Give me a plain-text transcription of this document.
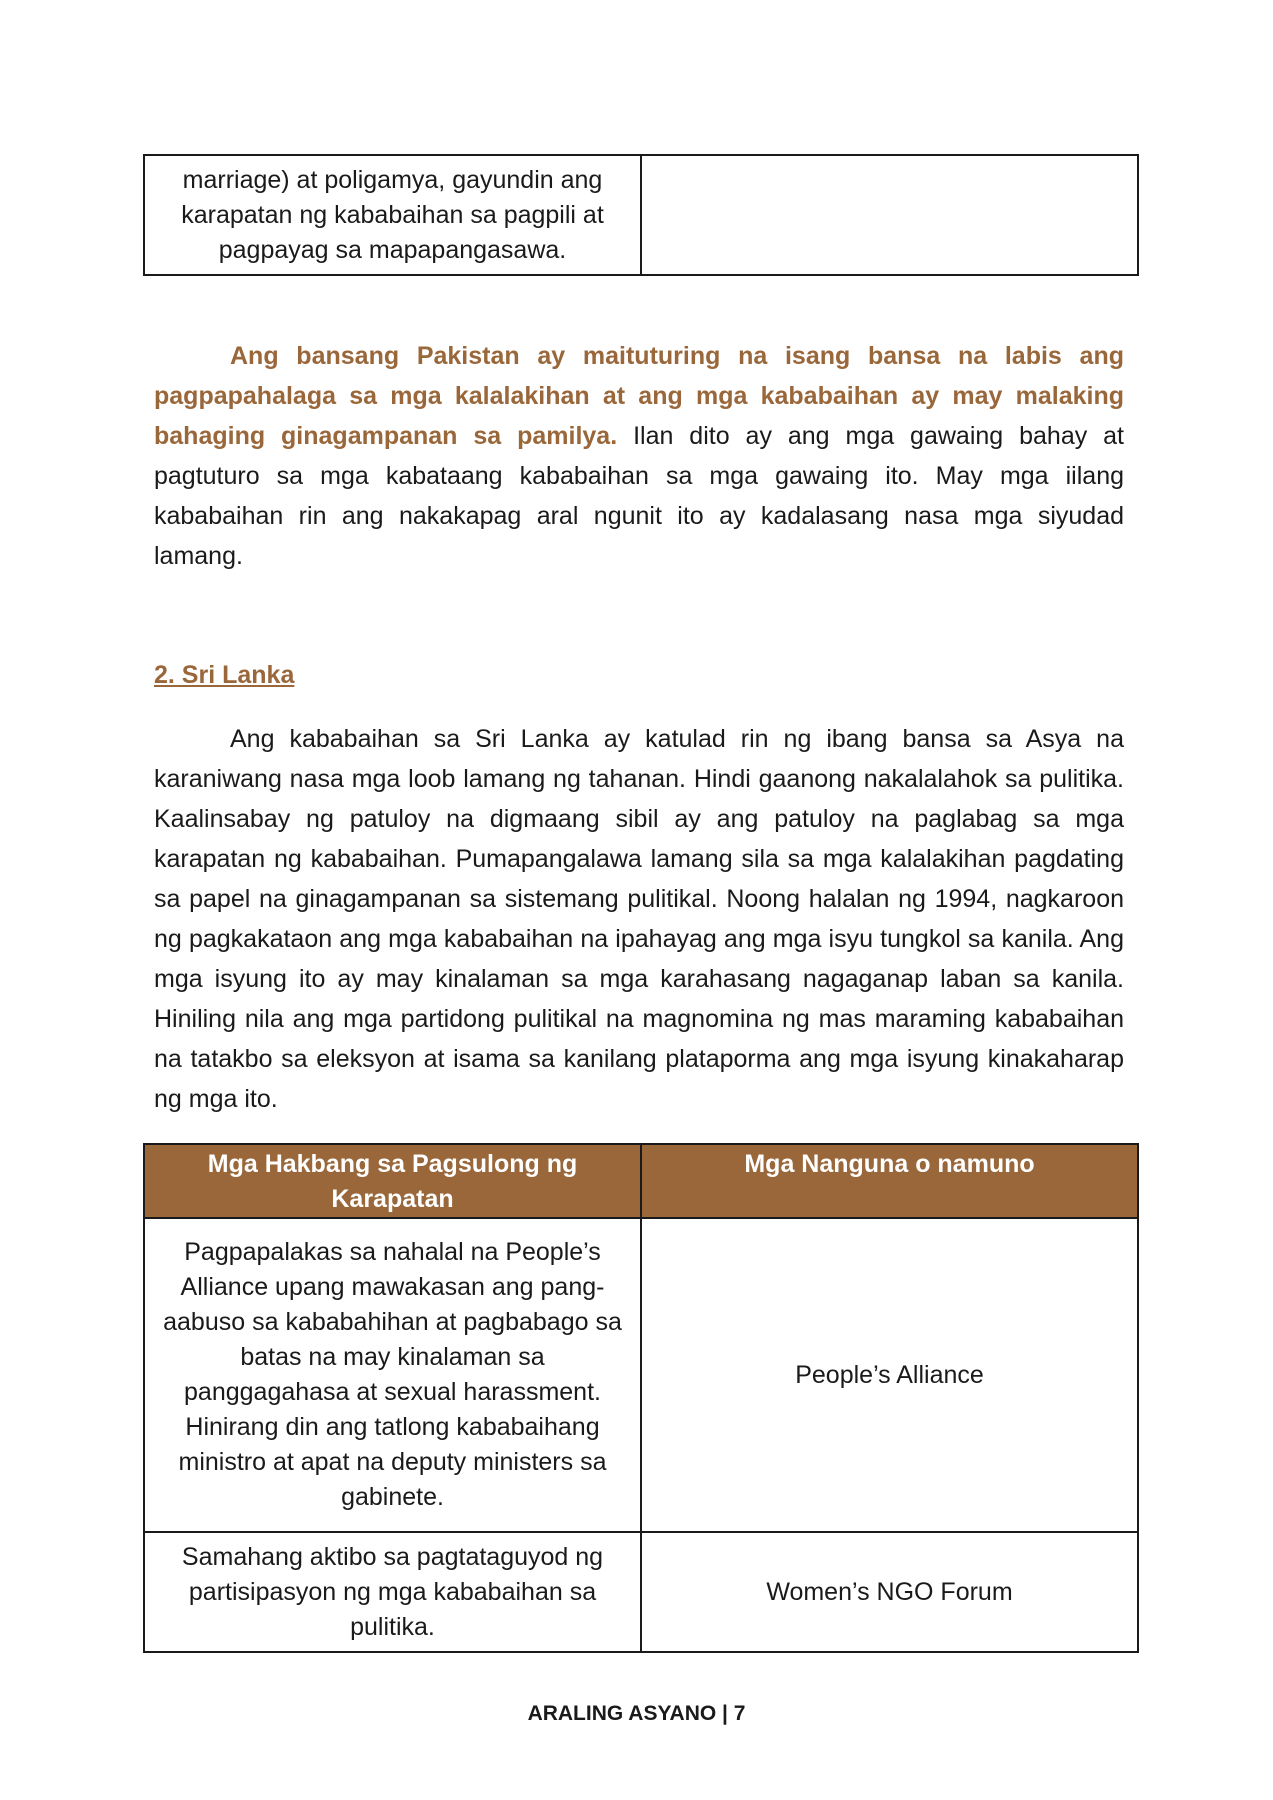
marriage) at poligamya, gayundin ang karapatan ng kababaihan sa pagpili at pagpayag sa mapapangasawa.	

Ang bansang Pakistan ay maituturing na isang bansa na labis ang pagpapahalaga sa mga kalalakihan at ang mga kababaihan ay may malaking bahaging ginagampanan sa pamilya. Ilan dito ay ang mga gawaing bahay at pagtuturo sa mga kabataang kababaihan sa mga gawaing ito. May mga iilang kababaihan rin ang nakakapag aral ngunit ito ay kadalasang nasa mga siyudad lamang.

2. Sri Lanka

Ang kababaihan sa Sri Lanka ay katulad rin ng ibang bansa sa Asya na karaniwang nasa mga loob lamang ng tahanan. Hindi gaanong nakalalahok sa pulitika. Kaalinsabay ng patuloy na digmaang sibil ay ang patuloy na paglabag sa mga karapatan ng kababaihan. Pumapangalawa lamang sila sa mga kalalakihan pagdating sa papel na ginagampanan sa sistemang pulitikal. Noong halalan ng 1994, nagkaroon ng pagkakataon ang mga kababaihan na ipahayag ang mga isyu tungkol sa kanila. Ang mga isyung ito ay may kinalaman sa mga karahasang nagaganap laban sa kanila. Hiniling nila ang mga partidong pulitikal na magnomina ng mas maraming kababaihan na tatakbo sa eleksyon at isama sa kanilang plataporma ang mga isyung kinakaharap ng mga ito.

Mga Hakbang sa Pagsulong ng Karapatan	Mga Nanguna o namuno
Pagpapalakas sa nahalal na People’s Alliance upang mawakasan ang pang-aabuso sa kababahihan at pagbabago sa batas na may kinalaman sa panggagahasa at sexual harassment. Hinirang din ang tatlong kababaihang ministro at apat na deputy ministers sa gabinete.	People’s Alliance
Samahang aktibo sa pagtataguyod ng partisipasyon ng mga kababaihan sa pulitika.	Women’s NGO Forum
ARALING ASYANO | 7
